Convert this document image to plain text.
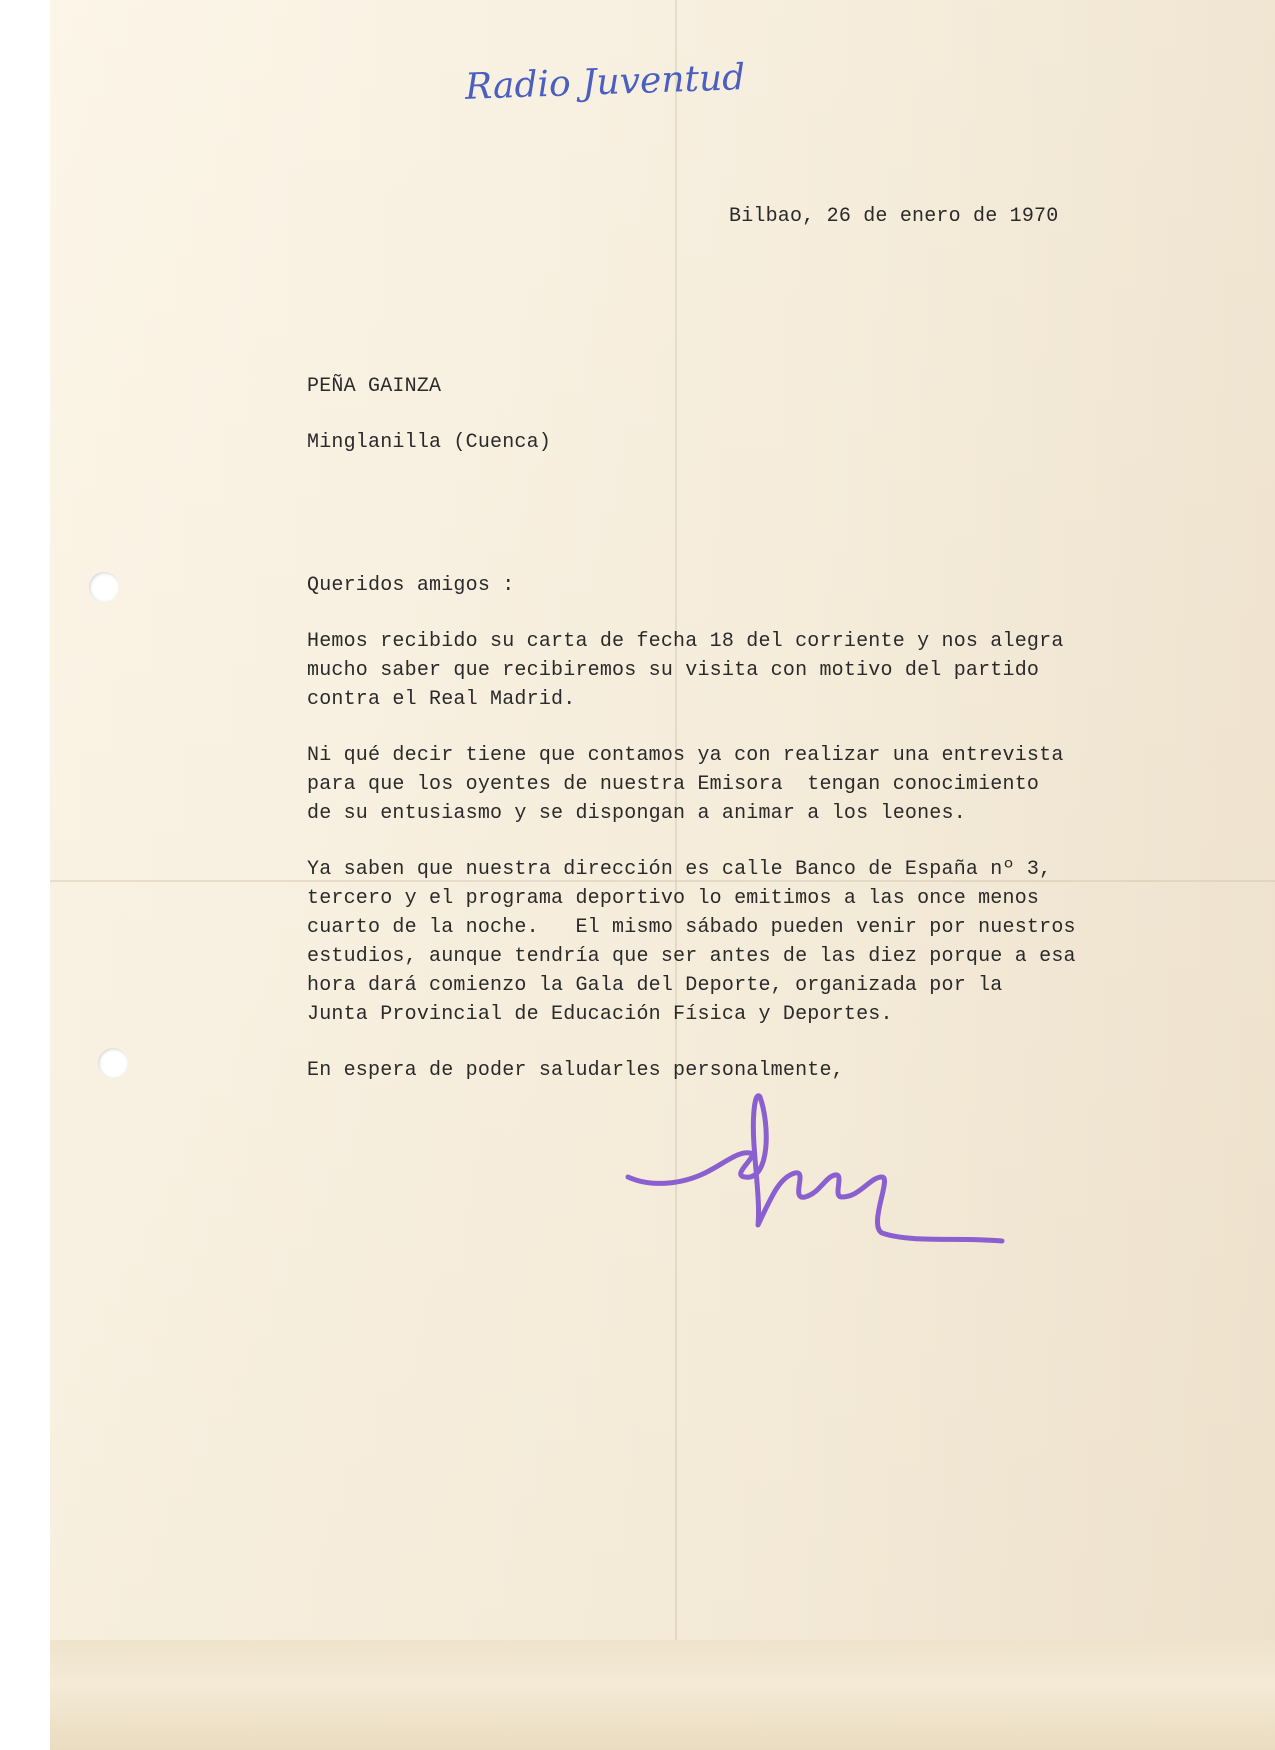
Radio Juventud
Bilbao, 26 de enero de 1970
PEÑA GAINZA
Minglanilla (Cuenca)
Queridos amigos :
Hemos recibido su carta de fecha 18 del corriente y nos alegra
mucho saber que recibiremos su visita con motivo del partido
contra el Real Madrid.
Ni qué decir tiene que contamos ya con realizar una entrevista
para que los oyentes de nuestra Emisora  tengan conocimiento
de su entusiasmo y se dispongan a animar a los leones.
Ya saben que nuestra dirección es calle Banco de España nº 3,
tercero y el programa deportivo lo emitimos a las once menos
cuarto de la noche.   El mismo sábado pueden venir por nuestros
estudios, aunque tendría que ser antes de las diez porque a esa
hora dará comienzo la Gala del Deporte, organizada por la
Junta Provincial de Educación Física y Deportes.
En espera de poder saludarles personalmente,
